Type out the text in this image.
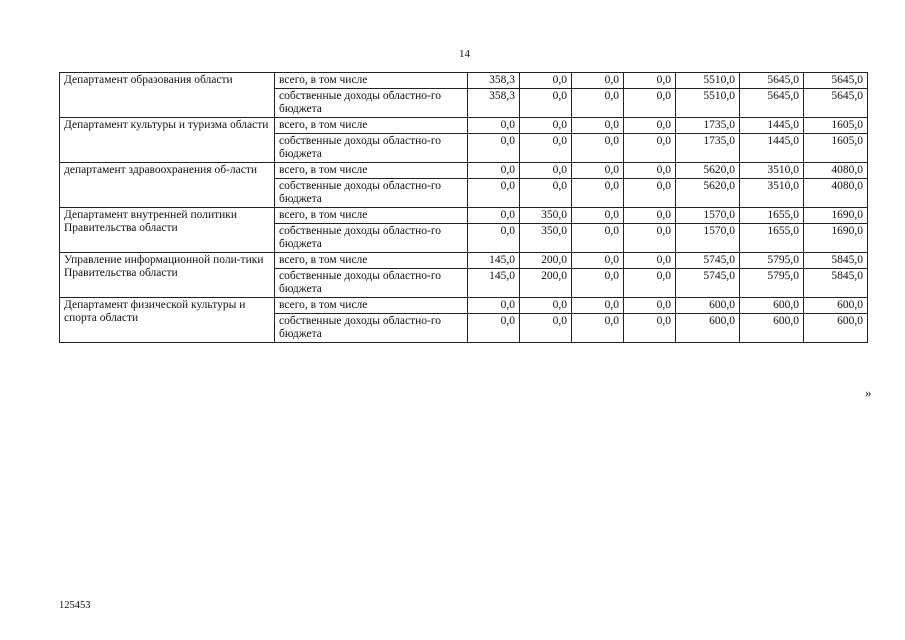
14
Департамент образования области	всего, в том числе	358,3	0,0	0,0	0,0	5510,0	5645,0	5645,0
	собственные доходы областно-го бюджета	358,3	0,0	0,0	0,0	5510,0	5645,0	5645,0
Департамент культуры и туризма области	всего, в том числе	0,0	0,0	0,0	0,0	1735,0	1445,0	1605,0
	собственные доходы областно-го бюджета	0,0	0,0	0,0	0,0	1735,0	1445,0	1605,0
департамент здравоохранения об-ласти	всего, в том числе	0,0	0,0	0,0	0,0	5620,0	3510,0	4080,0
	собственные доходы областно-го бюджета	0,0	0,0	0,0	0,0	5620,0	3510,0	4080,0
Департамент внутренней политики Правительства области	всего, в том числе	0,0	350,0	0,0	0,0	1570,0	1655,0	1690,0
	собственные доходы областно-го бюджета	0,0	350,0	0,0	0,0	1570,0	1655,0	1690,0
Управление информационной поли-тики Правительства области	всего, в том числе	145,0	200,0	0,0	0,0	5745,0	5795,0	5845,0
	собственные доходы областно-го бюджета	145,0	200,0	0,0	0,0	5745,0	5795,0	5845,0
Департамент физической культуры и спорта области	всего, в том числе	0,0	0,0	0,0	0,0	600,0	600,0	600,0
	собственные доходы областно-го бюджета	0,0	0,0	0,0	0,0	600,0	600,0	600,0
»
125453
